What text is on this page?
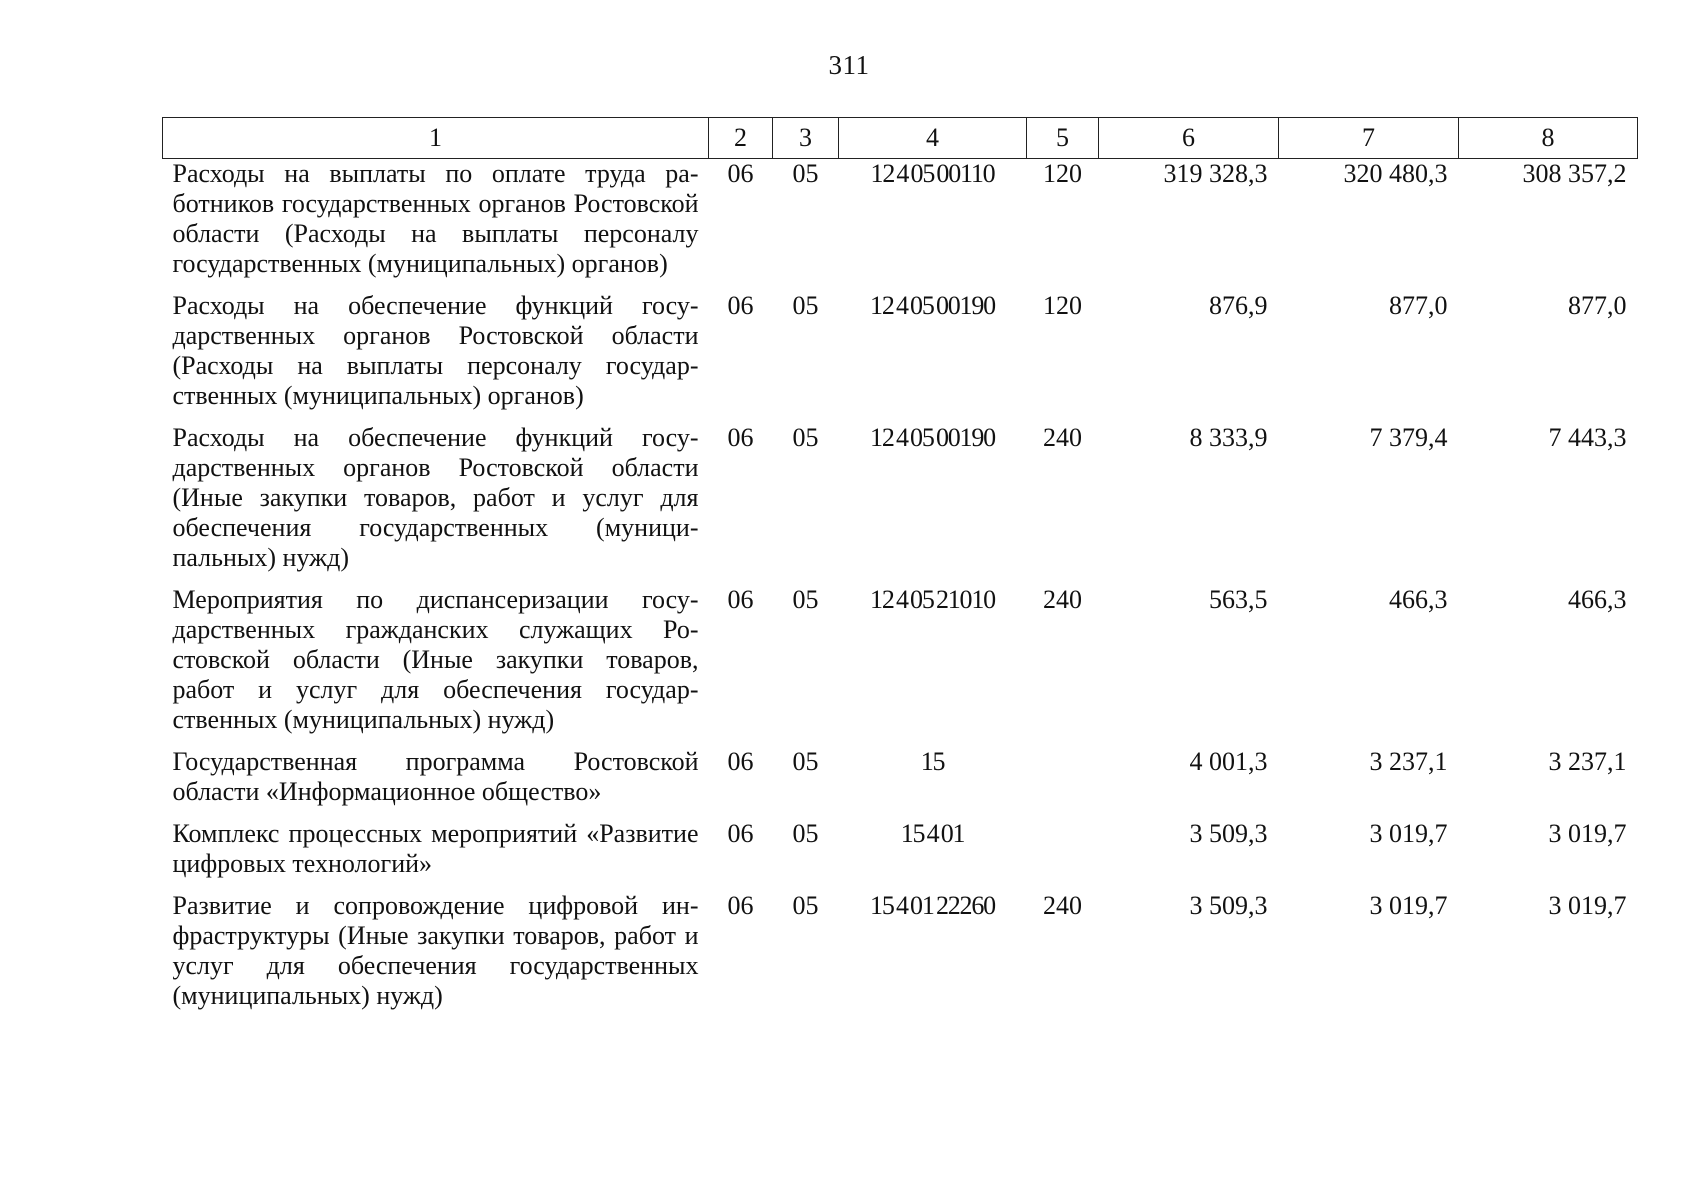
311
1	2	3	4	5	6	7	8
Расходы на выплаты по оплате труда работников государственных органов Ростовской области (Расходы на выплаты персоналу государственных (муниципальных) органов)	06	05	12 4 05 00110	120	319 328,3	320 480,3	308 357,2
Расходы на обеспечение функций государственных органов Ростовской области (Расходы на выплаты персоналу государственных (муниципальных) органов)	06	05	12 4 05 00190	120	876,9	877,0	877,0
Расходы на обеспечение функций государственных органов Ростовской области (Иные закупки товаров, работ и услуг для обеспечения государственных (муниципальных) нужд)	06	05	12 4 05 00190	240	8 333,9	7 379,4	7 443,3
Мероприятия по диспансеризации государственных гражданских служащих Ростовской области (Иные закупки товаров, работ и услуг для обеспечения государственных (муниципальных) нужд)	06	05	12 4 05 21010	240	563,5	466,3	466,3
Государственная программа Ростовской области «Информационное общество»	06	05	15		4 001,3	3 237,1	3 237,1
Комплекс процессных мероприятий «Развитие цифровых технологий»	06	05	15 4 01		3 509,3	3 019,7	3 019,7
Развитие и сопровождение цифровой инфраструктуры (Иные закупки товаров, работ и услуг для обеспечения государственных (муниципальных) нужд)	06	05	15 4 01 22260	240	3 509,3	3 019,7	3 019,7
